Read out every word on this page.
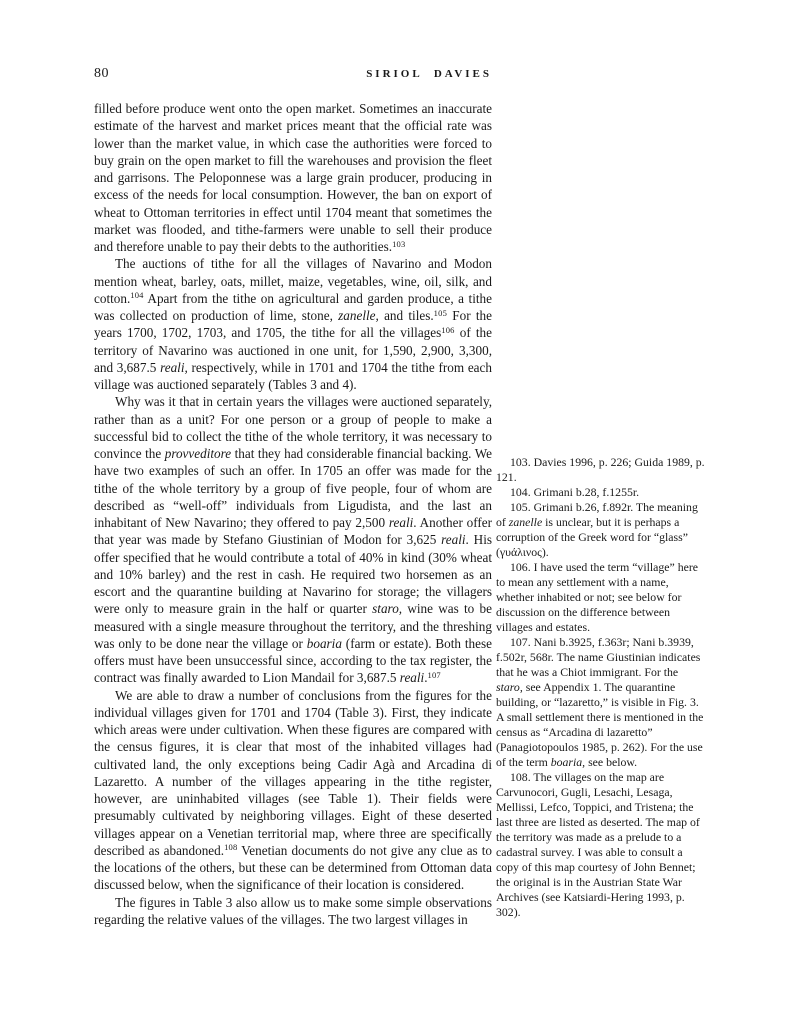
80	SIRIOL DAVIES

filled before produce went onto the open market. Sometimes an inaccurate estimate of the harvest and market prices meant that the official rate was lower than the market value, in which case the authorities were forced to buy grain on the open market to fill the warehouses and provision the fleet and garrisons. The Peloponnese was a large grain producer, producing in excess of the needs for local consumption. However, the ban on export of wheat to Ottoman territories in effect until 1704 meant that sometimes the market was flooded, and tithe-farmers were unable to sell their produce and therefore unable to pay their debts to the authorities.$^{103}$

The auctions of tithe for all the villages of Navarino and Modon mention wheat, barley, oats, millet, maize, vegetables, wine, oil, silk, and cotton.$^{104}$ Apart from the tithe on agricultural and garden produce, a tithe was collected on production of lime, stone, zanelle, and tiles.$^{105}$ For the years 1700, 1702, 1703, and 1705, the tithe for all the villages$^{106}$ of the territory of Navarino was auctioned in one unit, for 1,590, 2,900, 3,300, and 3,687.5 reali, respectively, while in 1701 and 1704 the tithe from each village was auctioned separately (Tables 3 and 4).

Why was it that in certain years the villages were auctioned separately, rather than as a unit? For one person or a group of people to make a successful bid to collect the tithe of the whole territory, it was necessary to convince the provveditore that they had considerable financial backing. We have two examples of such an offer. In 1705 an offer was made for the tithe of the whole territory by a group of five people, four of whom are described as “well-off” individuals from Ligudista, and the last an inhabitant of New Navarino; they offered to pay 2,500 reali. Another offer that year was made by Stefano Giustinian of Modon for 3,625 reali. His offer specified that he would contribute a total of 40% in kind (30% wheat and 10% barley) and the rest in cash. He required two horsemen as an escort and the quarantine building at Navarino for storage; the villagers were only to measure grain in the half or quarter staro, wine was to be measured with a single measure throughout the territory, and the threshing was only to be done near the village or boaria (farm or estate). Both these offers must have been unsuccessful since, according to the tax register, the contract was finally awarded to Lion Mandail for 3,687.5 reali.$^{107}$

We are able to draw a number of conclusions from the figures for the individual villages given for 1701 and 1704 (Table 3). First, they indicate which areas were under cultivation. When these figures are compared with the census figures, it is clear that most of the inhabited villages had cultivated land, the only exceptions being Cadir Agà and Arcadina di Lazaretto. A number of the villages appearing in the tithe register, however, are uninhabited villages (see Table 1). Their fields were presumably cultivated by neighboring villages. Eight of these deserted villages appear on a Venetian territorial map, where three are specifically described as abandoned.$^{108}$ Venetian documents do not give any clue as to the locations of the others, but these can be determined from Ottoman data discussed below, when the significance of their location is considered.

The figures in Table 3 also allow us to make some simple observations regarding the relative values of the villages. The two largest villages in

103. Davies 1996, p. 226; Guida 1989, p. 121.

104. Grimani b.28, f.1255r.

105. Grimani b.26, f.892r. The meaning of zanelle is unclear, but it is perhaps a corruption of the Greek word for “glass” (γυάλινος).

106. I have used the term “village” here to mean any settlement with a name, whether inhabited or not; see below for discussion on the difference between villages and estates.

107. Nani b.3925, f.363r; Nani b.3939, f.502r, 568r. The name Giustinian indicates that he was a Chiot immigrant. For the staro, see Appendix 1. The quarantine building, or “lazaretto,” is visible in Fig. 3. A small settlement there is mentioned in the census as “Arcadina di lazaretto” (Panagiotopoulos 1985, p. 262). For the use of the term boaria, see below.

108. The villages on the map are Carvunocori, Gugli, Lesachi, Lesaga, Mellissi, Lefco, Toppici, and Tristena; the last three are listed as deserted. The map of the territory was made as a prelude to a cadastral survey. I was able to consult a copy of this map courtesy of John Bennet; the original is in the Austrian State War Archives (see Katsiardi-Hering 1993, p. 302).
